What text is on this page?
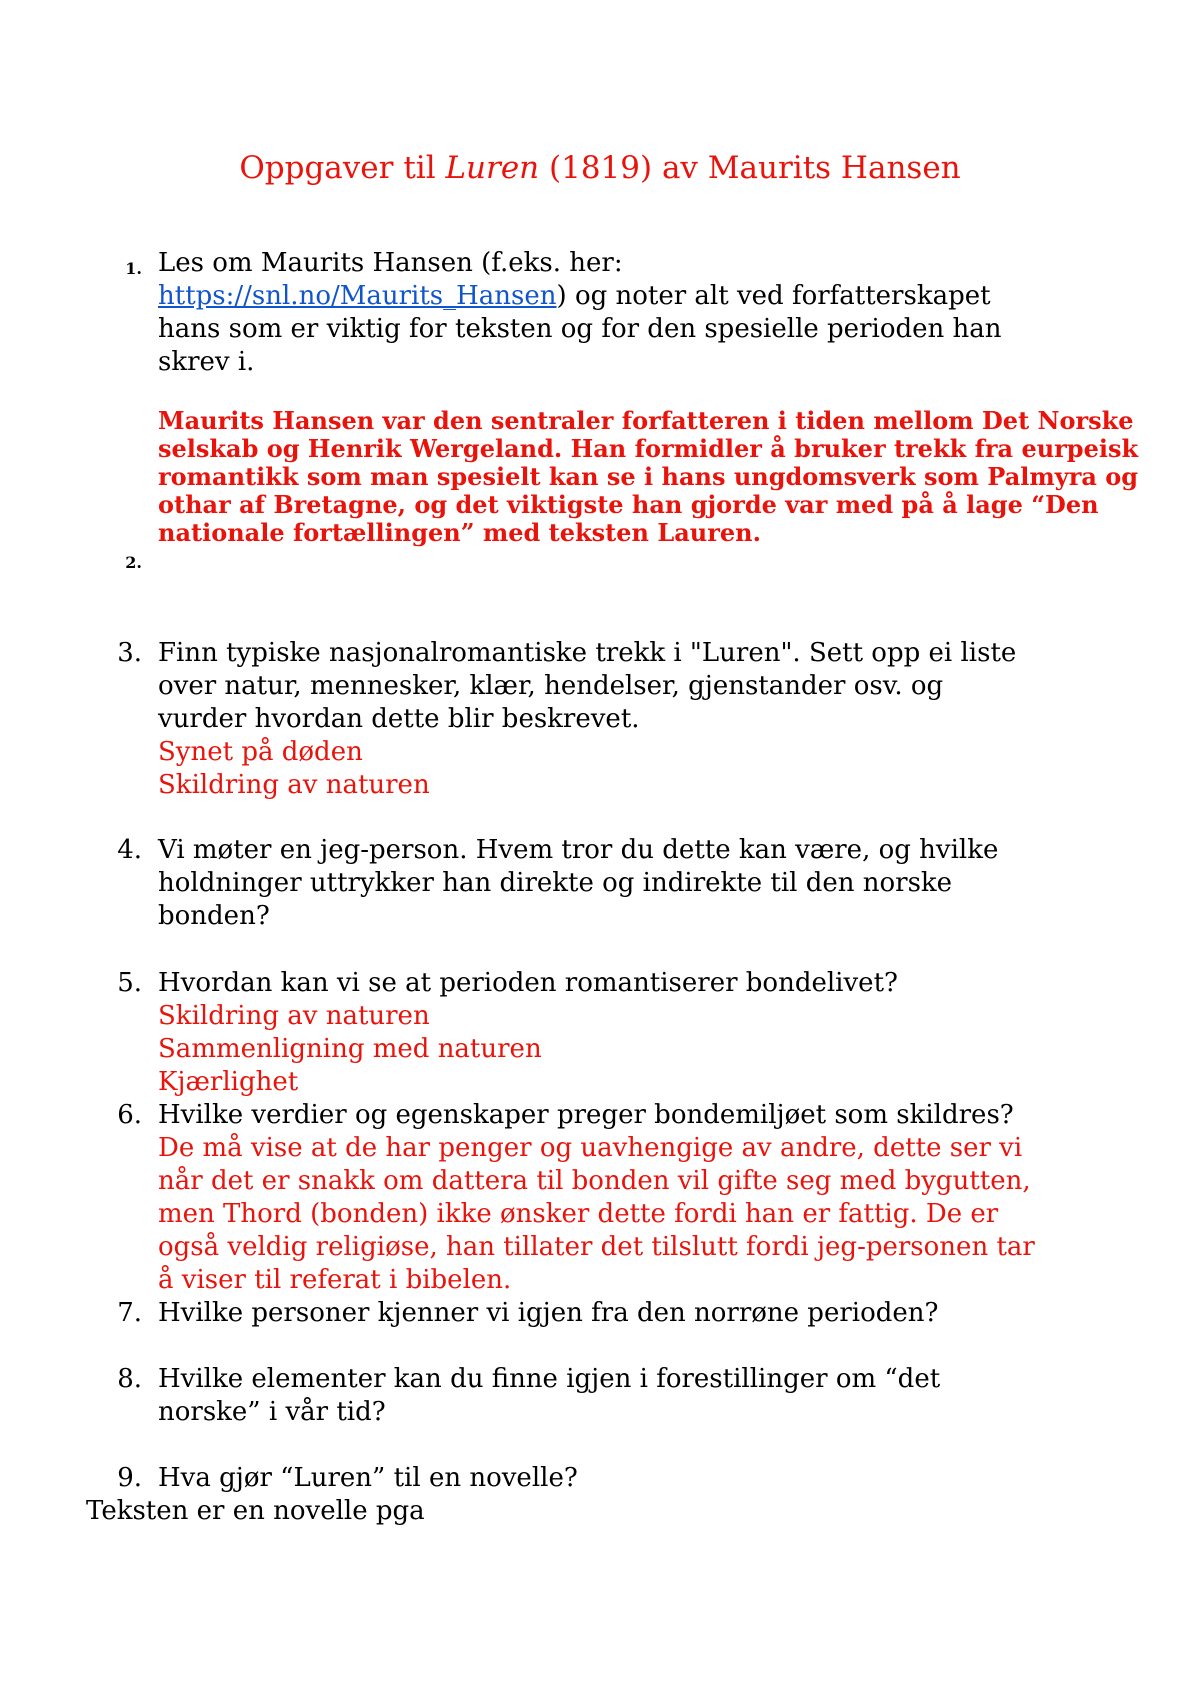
Oppgaver til Luren (1819) av Maurits Hansen
1. Les om Maurits Hansen (f.eks. her:
https://snl.no/Maurits_Hansen) og noter alt ved forfatterskapet
hans som er viktig for teksten og for den spesielle perioden han
skrev i.
Maurits Hansen var den sentraler forfatteren i tiden mellom Det Norske
selskab og Henrik Wergeland. Han formidler å bruker trekk fra eurpeisk
romantikk som man spesielt kan se i hans ungdomsverk som Palmyra og
othar af Bretagne, og det viktigste han gjorde var med på å lage “Den
nationale fortællingen” med teksten Lauren.
2.
3. Finn typiske nasjonalromantiske trekk i "Luren". Sett opp ei liste
over natur, mennesker, klær, hendelser, gjenstander osv. og
vurder hvordan dette blir beskrevet.
Synet på døden
Skildring av naturen
4. Vi møter en jeg-person. Hvem tror du dette kan være, og hvilke
holdninger uttrykker han direkte og indirekte til den norske
bonden?
5. Hvordan kan vi se at perioden romantiserer bondelivet?
Skildring av naturen
Sammenligning med naturen
Kjærlighet
6. Hvilke verdier og egenskaper preger bondemiljøet som skildres?
De må vise at de har penger og uavhengige av andre, dette ser vi
når det er snakk om dattera til bonden vil gifte seg med bygutten,
men Thord (bonden) ikke ønsker dette fordi han er fattig. De er
også veldig religiøse, han tillater det tilslutt fordi jeg-personen tar
å viser til referat i bibelen.
7. Hvilke personer kjenner vi igjen fra den norrøne perioden?
8. Hvilke elementer kan du finne igjen i forestillinger om “det
norske” i vår tid?
9. Hva gjør “Luren” til en novelle?
Teksten er en novelle pga
